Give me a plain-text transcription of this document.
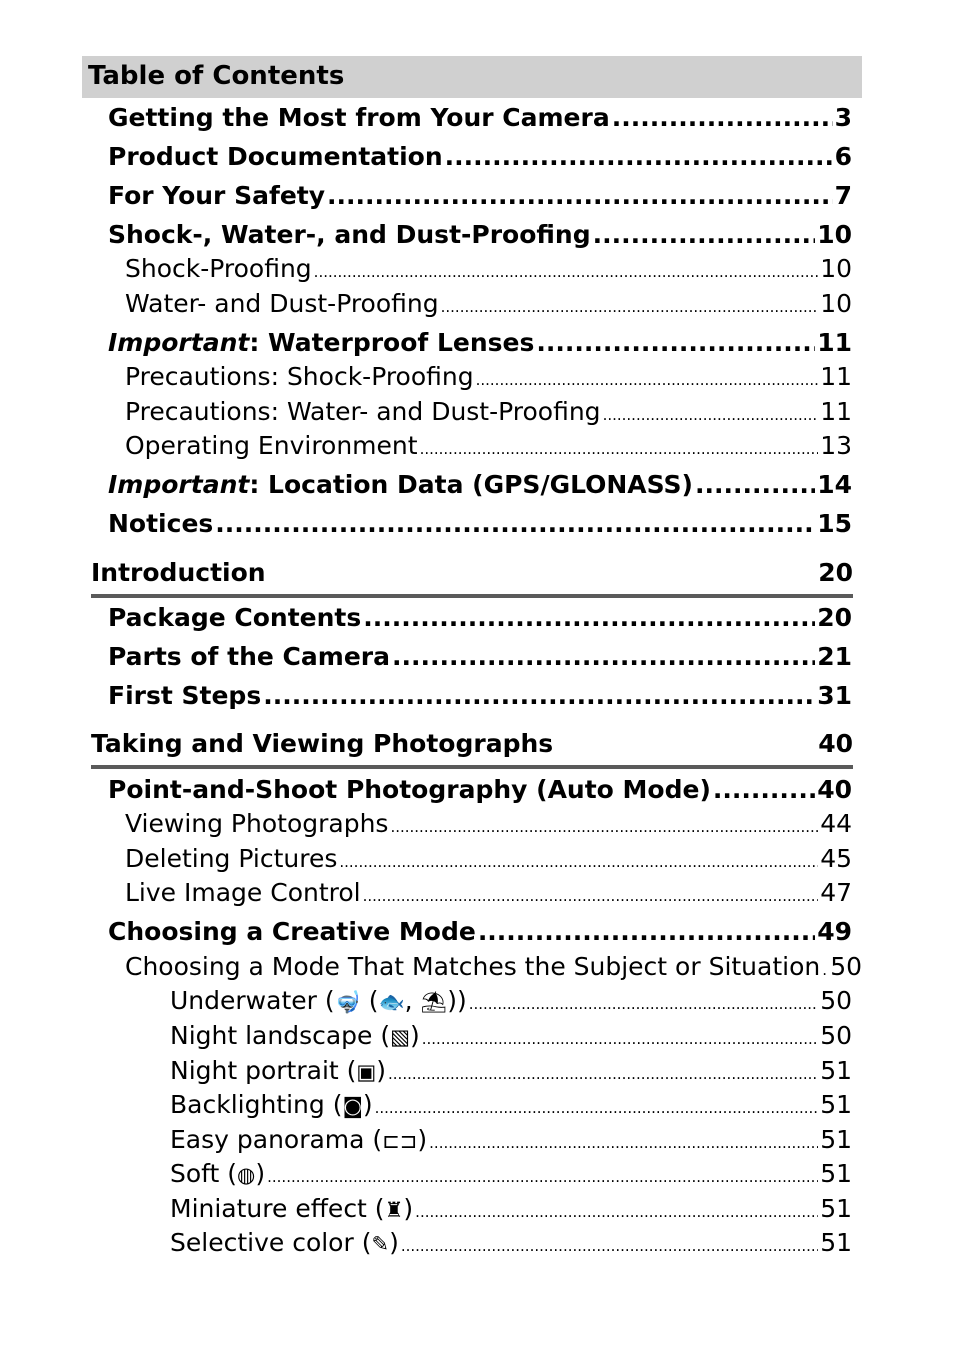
Table of Contents
Getting the Most from Your Camera .....	3
Product Documentation .....	6
For Your Safety .....	7
Shock-, Water-, and Dust-Proofing .....	10
Shock-Proofing .....	10
Water- and Dust-Proofing .....	10
Important: Waterproof Lenses .....	11
Precautions: Shock-Proofing .....	11
Precautions: Water- and Dust-Proofing .....	11
Operating Environment .....	13
Important: Location Data (GPS/GLONASS) .....	14
Notices .....	15
Introduction	20
Package Contents .....	20
Parts of the Camera .....	21
First Steps .....	31
Taking and Viewing Photographs	40
Point-and-Shoot Photography (Auto Mode) .....	40
Viewing Photographs .....	44
Deleting Pictures .....	45
Live Image Control .....	47
Choosing a Creative Mode .....	49
Choosing a Mode That Matches the Subject or Situation ..... 50
Underwater (🤿 (🐟, ⛱)) .....	50
Night landscape (▧) .....	50
Night portrait (▣) .....	51
Backlighting (◙) .....	51
Easy panorama (⊏⊐) .....	51
Soft (◍) .....	51
Miniature effect (♜) .....	51
Selective color (✎) .....	51
